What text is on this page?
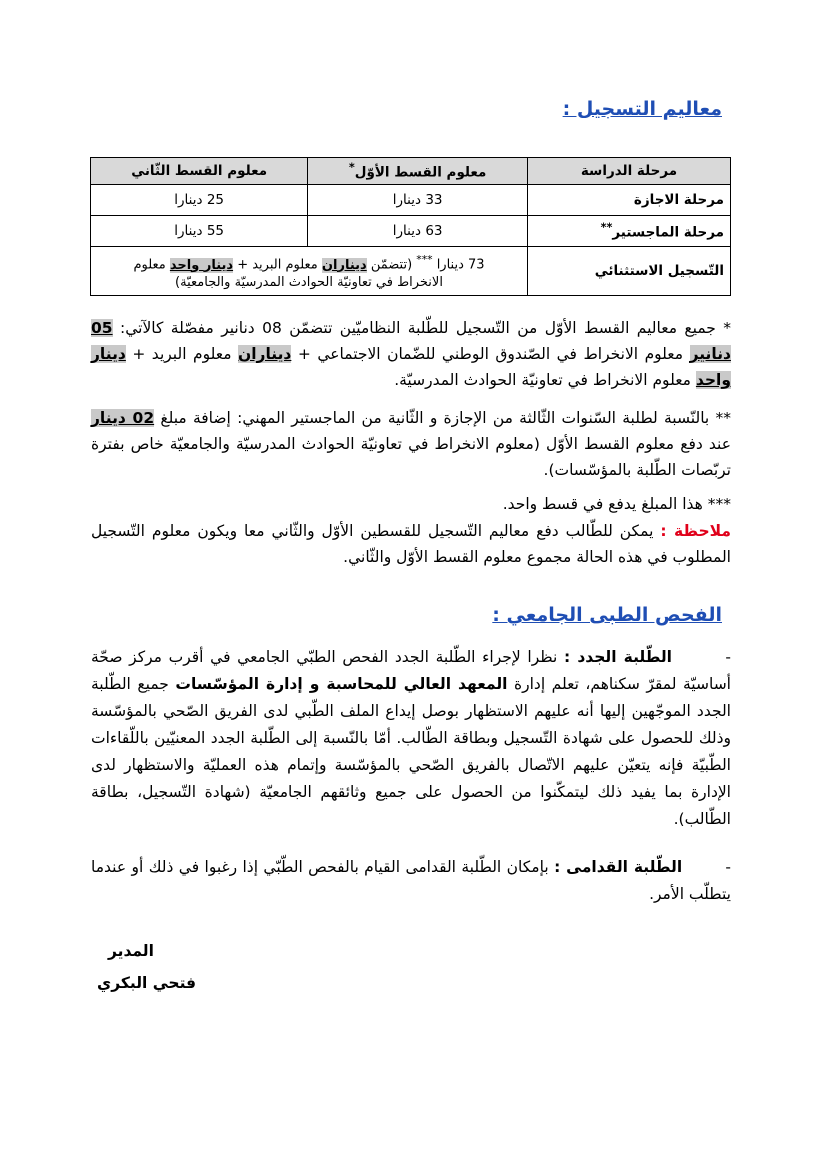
معاليم التسجيل :
مرحلة الدراسة	معلوم القسط الأوّل*	معلوم القسط الثّاني
مرحلة الاجازة	33 دينارا	25 دينارا
مرحلة الماجستير**	63 دينارا	55 دينارا
التّسجيل الاستثنائي	73 دينارا *** (تتضمّن ديناران معلوم البريد + دينار واحد معلوم
الانخراط في تعاونيّة الحوادث المدرسيّة والجامعيّة)	
* جميع معاليم القسط الأوّل من التّسجيل للطّلبة النظاميّين تتضمّن 08 دنانير مفصّلة كالآتي: 05 دنانير معلوم الانخراط في الصّندوق الوطني للضّمان الاجتماعي + ديناران معلوم البريد + دينار واحد معلوم الانخراط في تعاونيّة الحوادث المدرسيّة.
** بالنّسبة لطلبة السّنوات الثّالثة من الإجازة و الثّانية من الماجستير المهني: إضافة مبلغ 02 دينار عند دفع معلوم القسط الأوّل (معلوم الانخراط في تعاونيّة الحوادث المدرسيّة والجامعيّة خاص بفترة تربّصات الطّلبة بالمؤسّسات).
*** هذا المبلغ يدفع في قسط واحد.
ملاحظة : يمكن للطّالب دفع معاليم التّسجيل للقسطين الأوّل والثّاني معا ويكون معلوم التّسجيل المطلوب في هذه الحالة مجموع معلوم القسط الأوّل والثّاني.
الفحص الطبى الجامعي :
-        الطّلبة الجدد : نظرا لإجراء الطّلبة الجدد الفحص الطبّي الجامعي في أقرب مركز صحّة أساسيّة لمقرّ سكناهم، تعلم إدارة المعهد العالي للمحاسبة و إدارة المؤسّسات جميع الطّلبة الجدد الموجّهين إليها أنه عليهم الاستظهار بوصل إيداع الملف الطّبي لدى الفريق الصّحي بالمؤسّسة وذلك للحصول على شهادة التّسجيل وبطاقة الطّالب. أمّا بالنّسبة إلى الطّلبة الجدد المعنيّين باللّقاءات الطّبيّة فإنه يتعيّن عليهم الاتّصال بالفريق الصّحي بالمؤسّسة وإتمام هذه العمليّة والاستظهار لدى الإدارة بما يفيد ذلك ليتمكّنوا من الحصول على جميع وثائقهم الجامعيّة (شهادة التّسجيل، بطاقة الطّالب).
-        الطّلبة القدامى : بإمكان الطّلبة القدامى القيام بالفحص الطّبّي إذا رغبوا في ذلك أو عندما يتطلّب الأمر.
المدير
فتحي البكري
